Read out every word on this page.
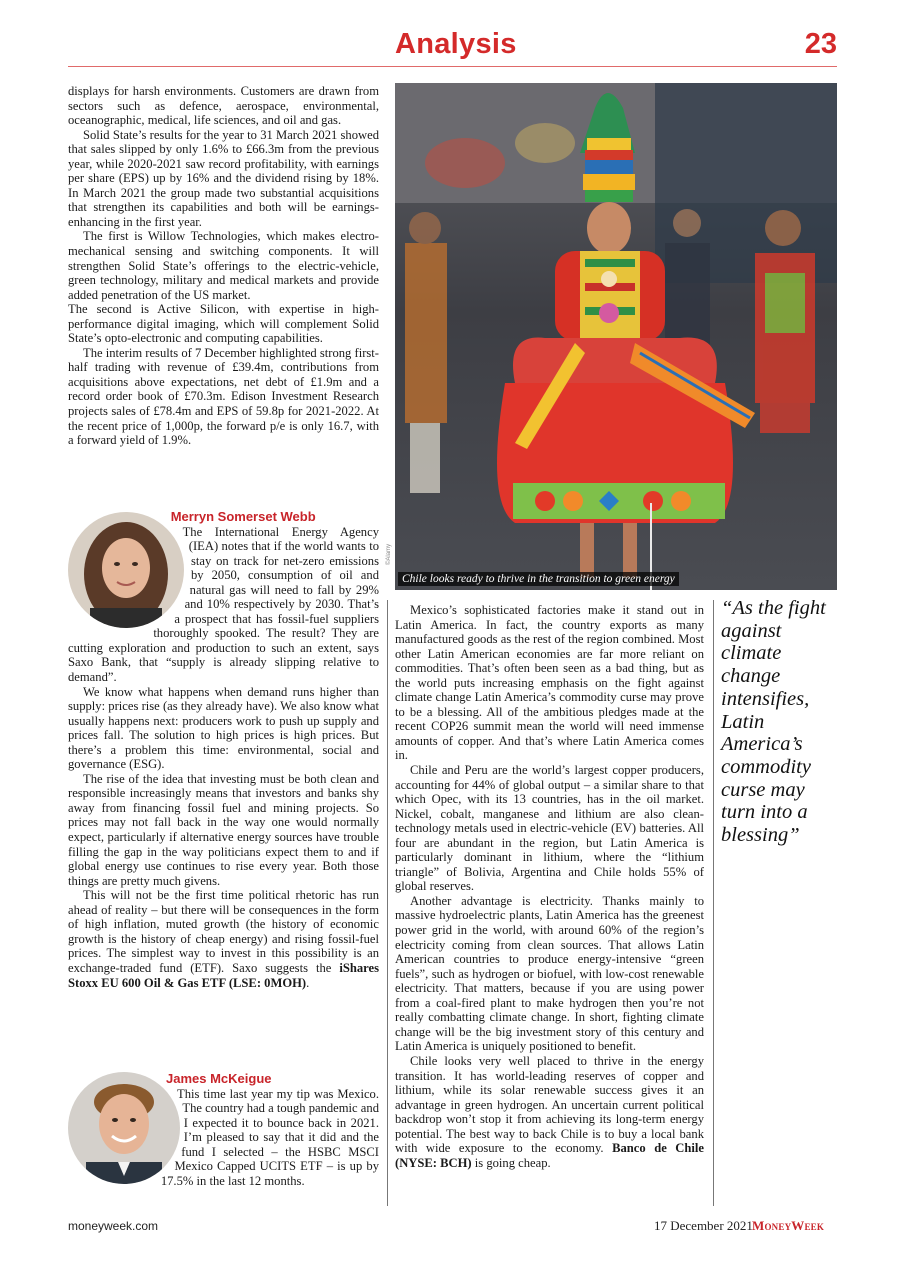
Analysis	23

displays for harsh environments. Customers are drawn from sectors such as defence, aerospace, environmental, oceanographic, medical, life sciences, and oil and gas.

Solid State’s results for the year to 31 March 2021 showed that sales slipped by only 1.6% to £66.3m from the previous year, while 2020-2021 saw record profitability, with earnings per share (EPS) up by 16% and the dividend rising by 18%. In March 2021 the group made two substantial acquisitions that strengthen its capabilities and both will be earnings-enhancing in the first year.

The first is Willow Technologies, which makes electro-mechanical sensing and switching components. It will strengthen Solid State’s offerings to the electric-vehicle, green technology, military and medical markets and provide added penetration of the US market.

The second is Active Silicon, with expertise in high-performance digital imaging, which will complement Solid State’s opto-electronic and computing capabilities.

The interim results of 7 December highlighted strong first-half trading with revenue of £39.4m, contributions from acquisitions above expectations, net debt of £1.9m and a record order book of £70.3m. Edison Investment Research projects sales of £78.4m and EPS of 59.8p for 2021-2022. At the recent price of 1,000p, the forward p/e is only 16.7, with a forward yield of 1.9%.

Merryn Somerset Webb

The International Energy Agency (IEA) notes that if the world wants to stay on track for net-zero emissions by 2050, consumption of oil and natural gas will need to fall by 29% and 10% respectively by 2030. That’s a prospect that has fossil-fuel suppliers thoroughly spooked. The result? They are cutting exploration and production to such an extent, says Saxo Bank, that “supply is already slipping relative to demand”.

We know what happens when demand runs higher than supply: prices rise (as they already have). We also know what usually happens next: producers work to push up supply and prices fall. The solution to high prices is high prices. But there’s a problem this time: environmental, social and governance (ESG).

The rise of the idea that investing must be both clean and responsible increasingly means that investors and banks shy away from financing fossil fuel and mining projects. So prices may not fall back in the way one would normally expect, particularly if alternative energy sources have trouble filling the gap in the way politicians expect them to and if global energy use continues to rise every year. Both those things are pretty much givens.

This will not be the first time political rhetoric has run ahead of reality – but there will be consequences in the form of high inflation, muted growth (the history of economic growth is the history of cheap energy) and rising fossil-fuel prices. The simplest way to invest in this possibility is an exchange-traded fund (ETF). Saxo suggests the iShares Stoxx EU 600 Oil & Gas ETF (LSE: 0MOH).

James McKeigue

This time last year my tip was Mexico. The country had a tough pandemic and I expected it to bounce back in 2021. I’m pleased to say that it did and the fund I selected – the HSBC MSCI Mexico Capped UCITS ETF – is up by 17.5% in the last 12 months.

©Alamy
Chile looks ready to thrive in the transition to green energy

Mexico’s sophisticated factories make it stand out in Latin America. In fact, the country exports as many manufactured goods as the rest of the region combined. Most other Latin American economies are far more reliant on commodities. That’s often been seen as a bad thing, but as the world puts increasing emphasis on the fight against climate change Latin America’s commodity curse may prove to be a blessing. All of the ambitious pledges made at the recent COP26 summit mean the world will need immense amounts of copper. And that’s where Latin America comes in.

Chile and Peru are the world’s largest copper producers, accounting for 44% of global output – a similar share to that which Opec, with its 13 countries, has in the oil market. Nickel, cobalt, manganese and lithium are also clean-technology metals used in electric-vehicle (EV) batteries. All four are abundant in the region, but Latin America is particularly dominant in lithium, where the “lithium triangle” of Bolivia, Argentina and Chile holds 55% of global reserves.

Another advantage is electricity. Thanks mainly to massive hydroelectric plants, Latin America has the greenest power grid in the world, with around 60% of the region’s electricity coming from clean sources. That allows Latin American countries to produce energy-intensive “green fuels”, such as hydrogen or biofuel, with low-cost renewable electricity. That matters, because if you are using power from a coal-fired plant to make hydrogen then you’re not really combatting climate change. In short, fighting climate change will be the big investment story of this century and Latin America is uniquely positioned to benefit.

Chile looks very well placed to thrive in the energy transition. It has world-leading reserves of copper and lithium, while its solar renewable success gives it an advantage in green hydrogen. An uncertain current political backdrop won’t stop it from achieving its long-term energy potential. The best way to back Chile is to buy a local bank with wide exposure to the economy. Banco de Chile (NYSE: BCH) is going cheap.

“As the fight against climate change intensifies, Latin America’s commodity curse may turn into a blessing”
moneyweek.com	17 December 2021 MoneyWeek
